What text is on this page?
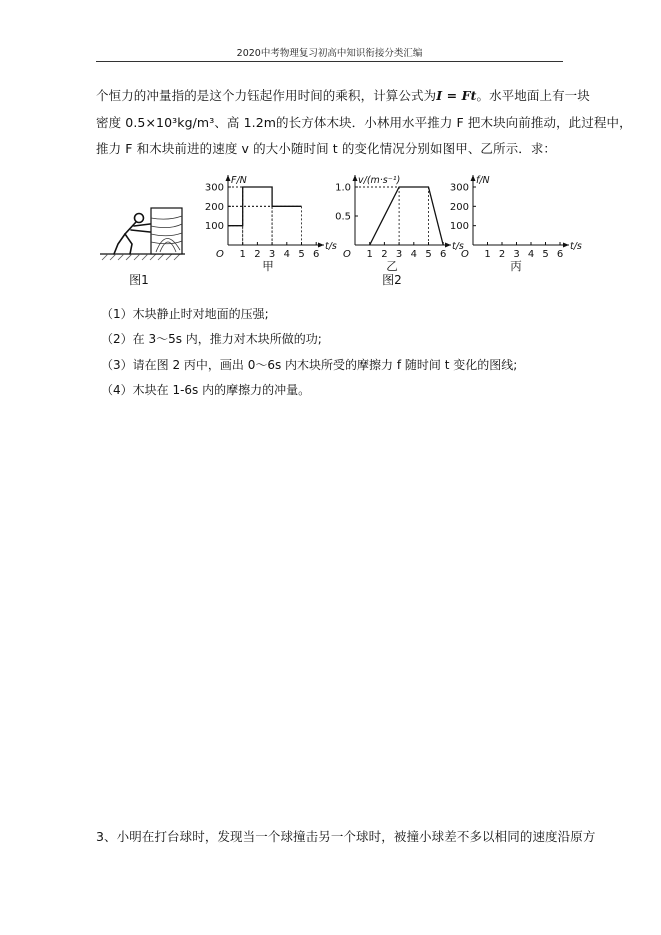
2020中考物理复习初高中知识衔接分类汇编
个恒力的冲量指的是这个力钰起作用时间的乘积，计算公式为I = Ft。水平地面上有一块
密度 0.5×10³kg/m³、高 1.2m的长方体木块．小林用水平推力 F 把木块向前推动，此过程中，
推力 F 和木块前进的速度 v 的大小随时间 t 的变化情况分别如图甲、乙所示．求：
图1	图2
F/N
t/s
O
100
200
300
1 2 3 4 5 6
甲
v/(m·s⁻¹)
t/s
O
0.5
1.0
1 2 3 4 5 6
乙
f/N
t/s
O
100
200
300
1 2 3 4 5 6
丙
（1）木块静止时对地面的压强;
（2）在 3～5s 内，推力对木块所做的功;
（3）请在图 2 丙中，画出 0～6s 内木块所受的摩擦力 f 随时间 t 变化的图线;
（4）木块在 1-6s 内的摩擦力的冲量。
3、小明在打台球时，发现当一个球撞击另一个球时，被撞小球差不多以相同的速度沿原方
